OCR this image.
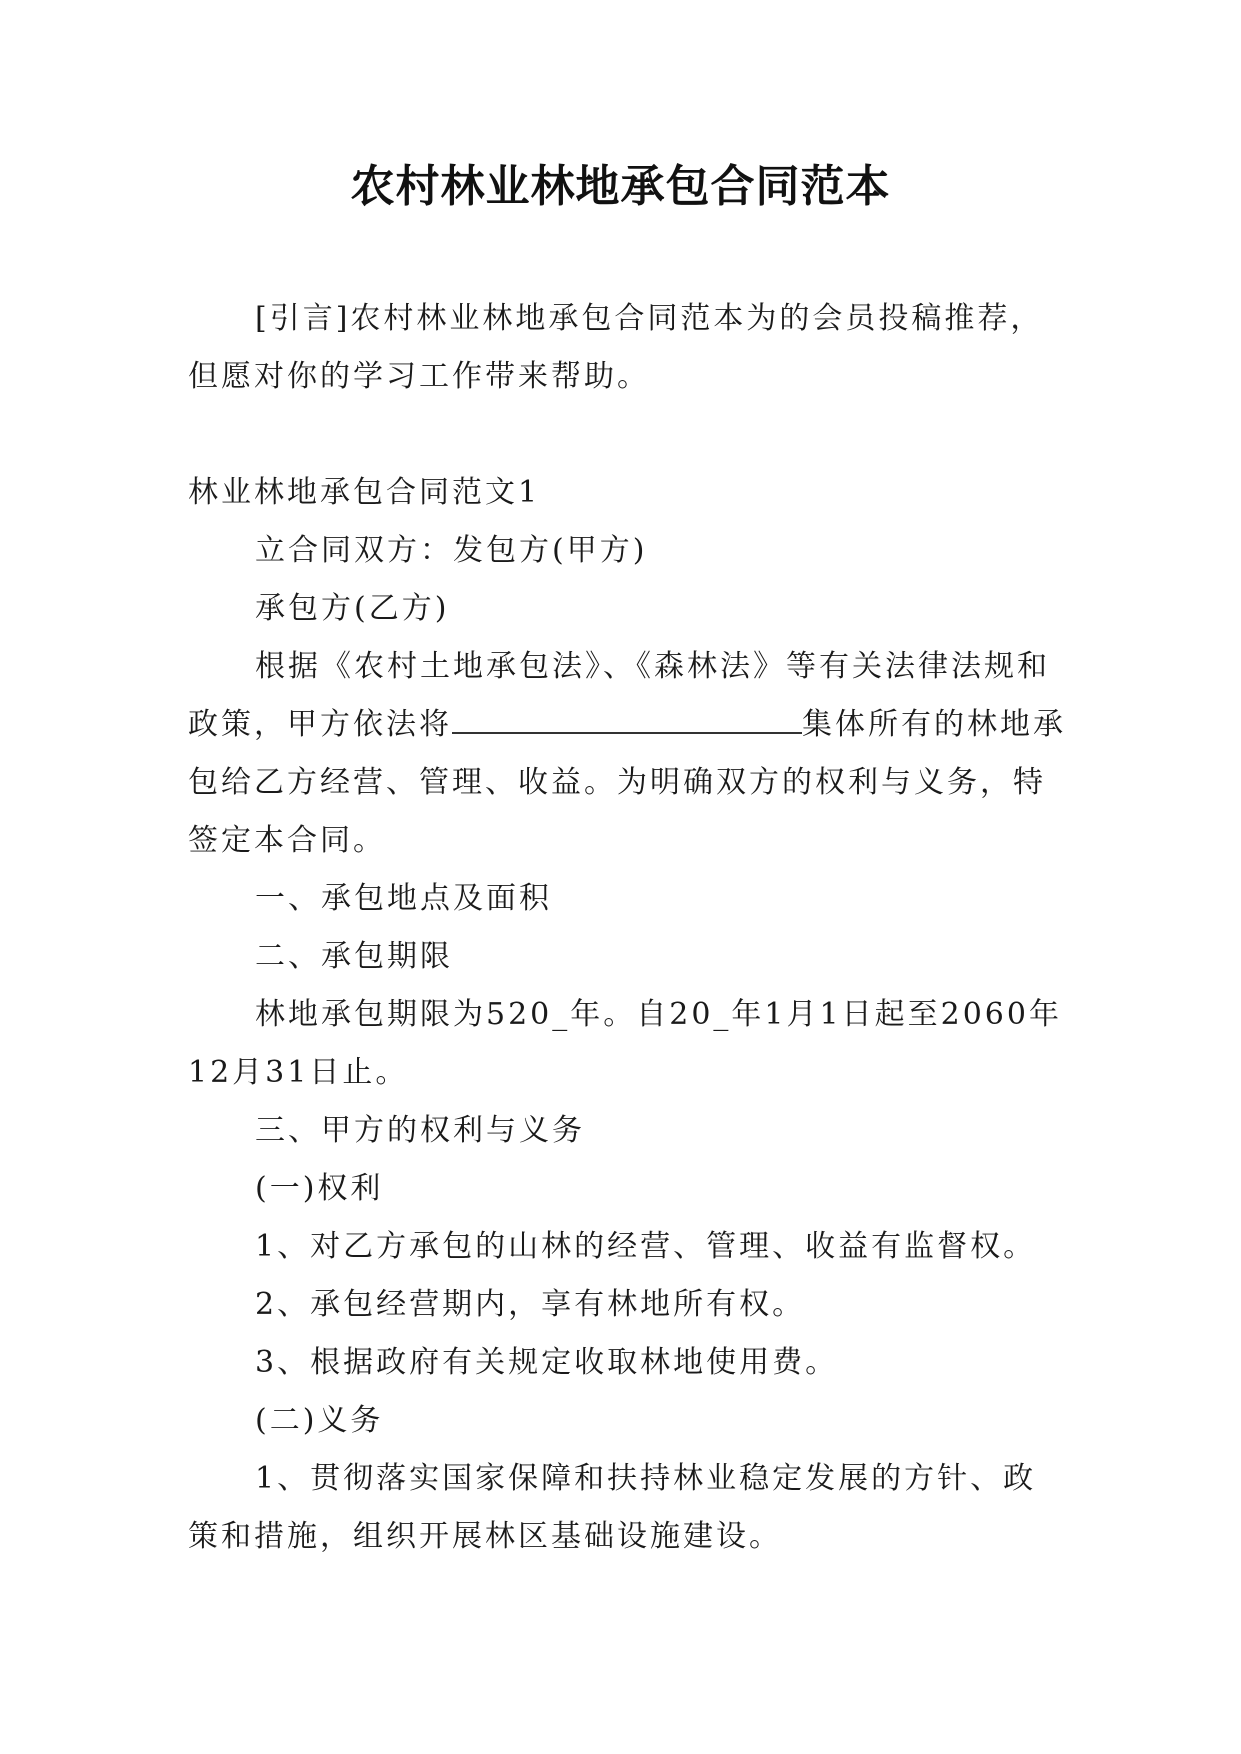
农村林业林地承包合同范本

[引言]农村林业林地承包合同范本为的会员投稿推荐，但愿对你的学习工作带来帮助。

林业林地承包合同范文1

立合同双方：发包方(甲方)

承包方(乙方)

根据《农村土地承包法》、《森林法》等有关法律法规和政策，甲方依法将	集体所有的林地承包给乙方经营、管理、收益。为明确双方的权利与义务，特签定本合同。

一、承包地点及面积

二、承包期限

林地承包期限为520_年。自20_年1月1日起至2060年12月31日止。

三、甲方的权利与义务

(一)权利

1、对乙方承包的山林的经营、管理、收益有监督权。

2、承包经营期内，享有林地所有权。

3、根据政府有关规定收取林地使用费。

(二)义务

1、贯彻落实国家保障和扶持林业稳定发展的方针、政策和措施，组织开展林区基础设施建设。
